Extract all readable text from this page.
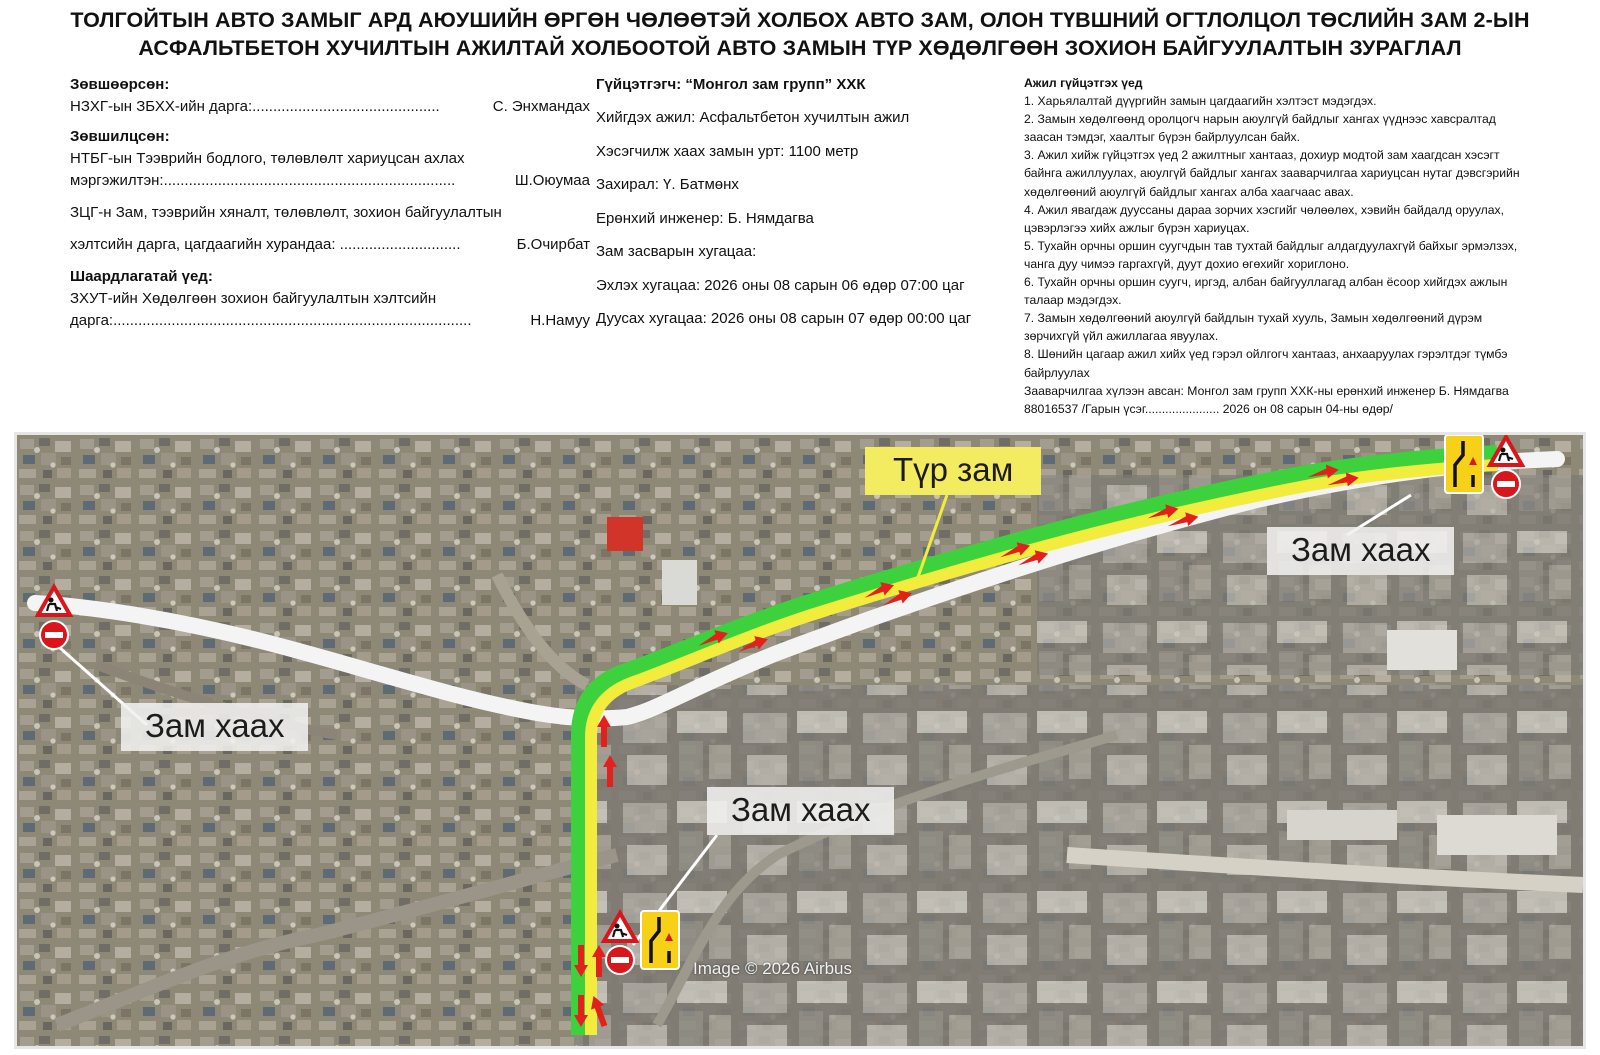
ТОЛГОЙТЫН АВТО ЗАМЫГ АРД АЮУШИЙН ӨРГӨН ЧӨЛӨӨТЭЙ ХОЛБОХ АВТО ЗАМ, ОЛОН ТҮВШНИЙ ОГТЛОЛЦОЛ ТӨСЛИЙН ЗАМ 2-ЫН
АСФАЛЬТБЕТОН ХУЧИЛТЫН АЖИЛТАЙ ХОЛБООТОЙ АВТО ЗАМЫН ТҮР ХӨДӨЛГӨӨН ЗОХИОН БАЙГУУЛАЛТЫН ЗУРАГЛАЛ
Зөвшөөрсөн:
НЗХГ-ын ЗБХХ-ийн дарга:.............................................	С. Энхмандах
Зөвшилцсөн:
НТБГ-ын Тээврийн бодлого, төлөвлөлт хариуцсан ахлах
мэргэжилтэн:......................................................................	Ш.Оюумаа
ЗЦГ-н Зам, тээврийн хяналт, төлөвлөлт, зохион байгуулалтын
хэлтсийн дарга, цагдаагийн хурандаа: .............................	Б.Очирбат
Шаардлагатай үед:
ЗХУТ-ийн Хөдөлгөөн зохион байгуулалтын хэлтсийн
дарга:......................................................................................	Н.Намуу
Гүйцэтгэгч: “Монгол зам групп” ХХК
Хийгдэх ажил: Асфальтбетон хучилтын ажил
Хэсэгчилж хаах замын урт: 1100 метр
Захирал: Ү. Батмөнх
Ерөнхий инженер: Б. Нямдагва
Зам засварын хугацаа:
Эхлэх хугацаа: 2026 оны 08 сарын 06 өдөр 07:00 цаг
Дуусах хугацаа: 2026 оны 08 сарын 07 өдөр 00:00 цаг
Ажил гүйцэтгэх үед
1. Харьялалтай дүүргийн замын цагдаагийн хэлтэст мэдэгдэх.
2. Замын хөдөлгөөнд оролцогч нарын аюулгүй байдлыг хангах үүднээс хавсралтад
заасан тэмдэг, хаалтыг бүрэн байрлуулсан байх.
3. Ажил хийж гүйцэтгэх үед 2 ажилтныг хантааз, дохиур модтой зам хаагдсан хэсэгт
байнга ажиллуулах, аюулгүй байдлыг хангах зааварчилгаа хариуцсан нутаг дэвсгэрийн
хөдөлгөөний аюулгүй байдлыг хангах алба хаагчаас авах.
4. Ажил явагдаж дууссаны дараа зорчих хэсгийг чөлөөлөх, хэвийн байдалд оруулах,
цэвэрлэгээ хийх ажлыг бүрэн хариуцах.
5. Тухайн орчны оршин суугчдын тав тухтай байдлыг алдагдуулахгүй байхыг эрмэлзэх,
чанга дуу чимээ гаргахгүй, дуут дохио өгөхийг хориглоно.
6. Тухайн орчны оршин суугч, иргэд, албан байгууллагад албан ёсоор хийгдэх ажлын
талаар мэдэгдэх.
7. Замын хөдөлгөөний аюулгүй байдлын тухай хууль, Замын хөдөлгөөний дүрэм
зөрчихгүй үйл ажиллагаа явуулах.
8. Шөнийн цагаар ажил хийх үед гэрэл ойлгогч хантааз, анхааруулах гэрэлтдэг түмбэ
байрлуулах
Зааварчилгаа хүлээн авсан: Монгол зам групп ХХК-ны ерөнхий инженер Б. Нямдагва
88016537 /Гарын үсэг...................... 2026 он 08 сарын 04-ны өдөр/
Зам хаах
Зам хаах
Зам хаах
Түр зам
Image © 2026 Airbus
